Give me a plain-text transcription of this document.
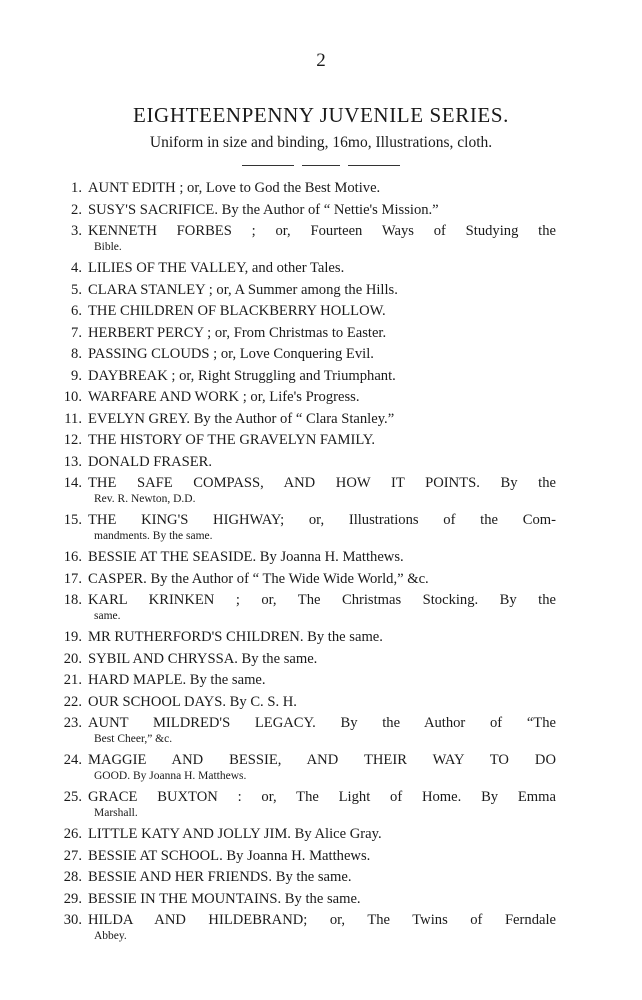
2
EIGHTEENPENNY JUVENILE SERIES.
Uniform in size and binding, 16mo, Illustrations, cloth.
1. AUNT EDITH ; or, Love to God the Best Motive.
2. SUSY'S SACRIFICE. By the Author of “ Nettie's Mission.”
3. KENNETH FORBES ; or, Fourteen Ways of Studying the
Bible.
4. LILIES OF THE VALLEY, and other Tales.
5. CLARA STANLEY ; or, A Summer among the Hills.
6. THE CHILDREN OF BLACKBERRY HOLLOW.
7. HERBERT PERCY ; or, From Christmas to Easter.
8. PASSING CLOUDS ; or, Love Conquering Evil.
9. DAYBREAK ; or, Right Struggling and Triumphant.
10. WARFARE AND WORK ; or, Life's Progress.
11. EVELYN GREY. By the Author of “ Clara Stanley.”
12. THE HISTORY OF THE GRAVELYN FAMILY.
13. DONALD FRASER.
14. THE SAFE COMPASS, AND HOW IT POINTS. By the
Rev. R. Newton, D.D.
15. THE KING'S HIGHWAY; or, Illustrations of the Com-
mandments. By the same.
16. BESSIE AT THE SEASIDE. By Joanna H. Matthews.
17. CASPER. By the Author of “ The Wide Wide World,” &c.
18. KARL KRINKEN ; or, The Christmas Stocking. By the
same.
19. MR RUTHERFORD'S CHILDREN. By the same.
20. SYBIL AND CHRYSSA. By the same.
21. HARD MAPLE. By the same.
22. OUR SCHOOL DAYS. By C. S. H.
23. AUNT MILDRED'S LEGACY. By the Author of “The
Best Cheer,” &c.
24. MAGGIE AND BESSIE, AND THEIR WAY TO DO
GOOD. By Joanna H. Matthews.
25. GRACE BUXTON : or, The Light of Home. By Emma
Marshall.
26. LITTLE KATY AND JOLLY JIM. By Alice Gray.
27. BESSIE AT SCHOOL. By Joanna H. Matthews.
28. BESSIE AND HER FRIENDS. By the same.
29. BESSIE IN THE MOUNTAINS. By the same.
30. HILDA AND HILDEBRAND; or, The Twins of Ferndale
Abbey.
